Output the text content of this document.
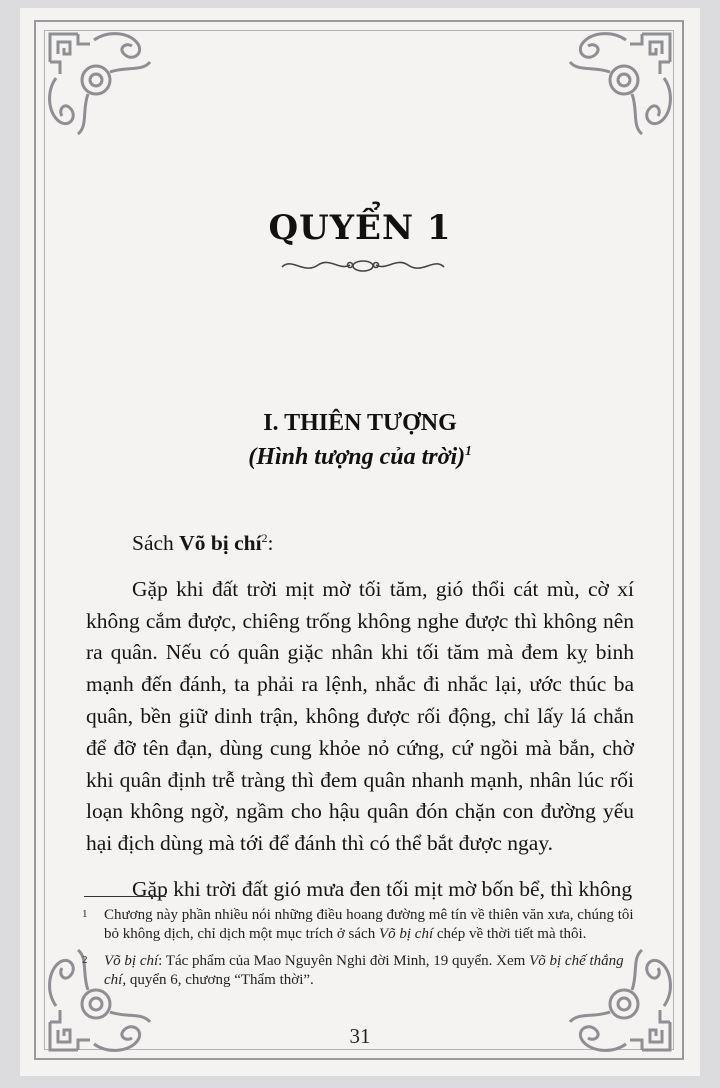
QUYỂN 1
I. THIÊN TƯỢNG
(Hình tượng của trời)$^1$

Sách Võ bị chí$^2$:

Gặp khi đất trời mịt mờ tối tăm, gió thổi cát mù, cờ xí không cắm được, chiêng trống không nghe được thì không nên ra quân. Nếu có quân giặc nhân khi tối tăm mà đem kỵ binh mạnh đến đánh, ta phải ra lệnh, nhắc đi nhắc lại, ước thúc ba quân, bền giữ dinh trận, không được rối động, chỉ lấy lá chắn để đỡ tên đạn, dùng cung khỏe nỏ cứng, cứ ngồi mà bắn, chờ khi quân định trễ tràng thì đem quân nhanh mạnh, nhân lúc rối loạn không ngờ, ngầm cho hậu quân đón chặn con đường yếu hại địch dùng mà tới để đánh thì có thể bắt được ngay.

Gặp khi trời đất gió mưa đen tối mịt mờ bốn bể, thì không

1 Chương này phần nhiều nói những điều hoang đường mê tín về thiên văn xưa, chúng tôi bỏ không dịch, chỉ dịch một mục trích ở sách Võ bị chí chép về thời tiết mà thôi.
2 Võ bị chí: Tác phẩm của Mao Nguyên Nghi đời Minh, 19 quyển. Xem Võ bị chế thắng chí, quyển 6, chương “Thẩm thời”.
31
